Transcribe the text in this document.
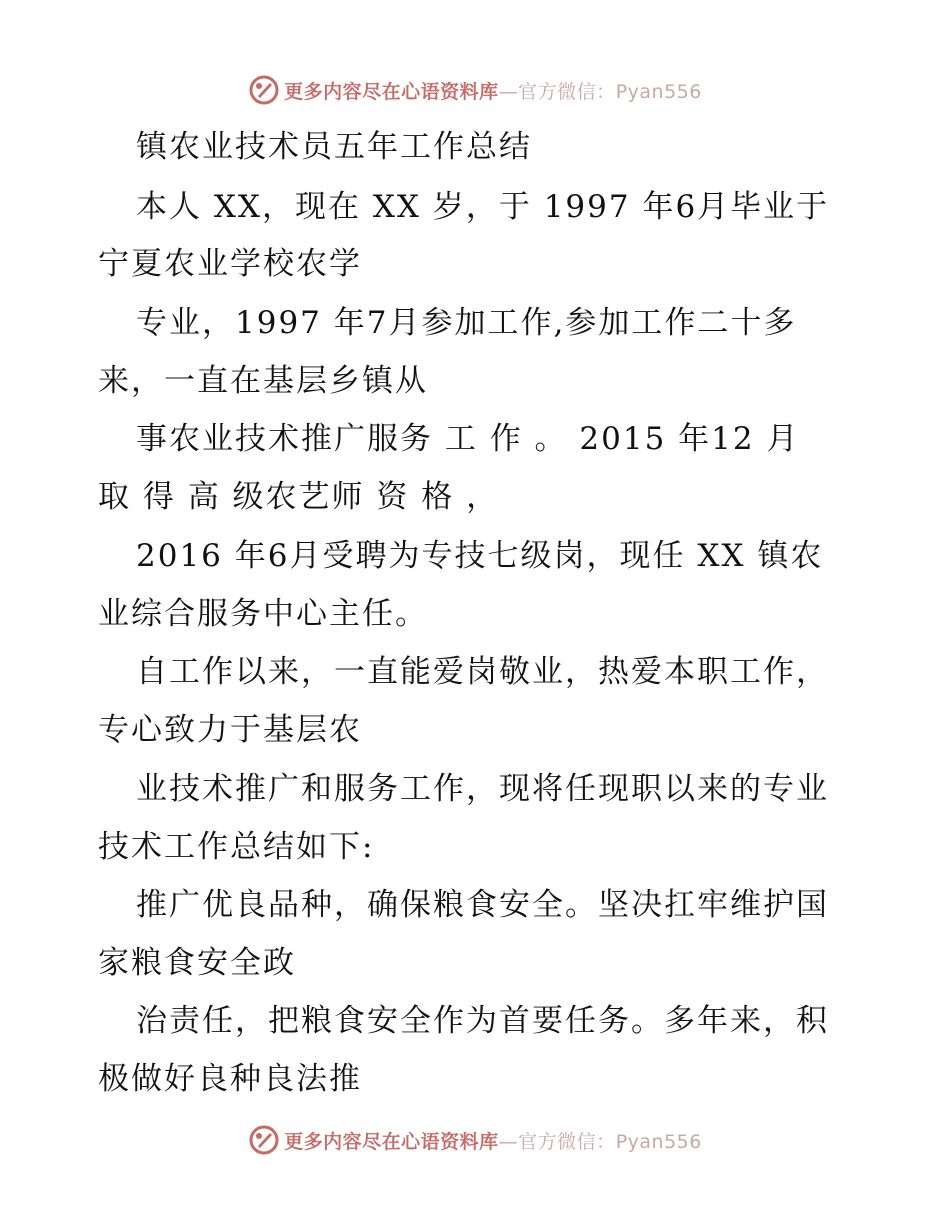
更多内容尽在心语资料库—官方微信：Pyan556
镇农业技术员五年工作总结
本人 XX，现在 XX 岁，于 1997 年6月毕业于
宁夏农业学校农学
专业，1997 年7月参加工作,参加工作二十多
来，一直在基层乡镇从
事农业技术推广服务 工 作 。 2015 年12 月
取 得 高 级农艺师 资 格 ，
2016 年6月受聘为专技七级岗，现任 XX 镇农
业综合服务中心主任。
自工作以来，一直能爱岗敬业，热爱本职工作，
专心致力于基层农
业技术推广和服务工作，现将任现职以来的专业
技术工作总结如下:
推广优良品种，确保粮食安全。坚决扛牢维护国
家粮食安全政
治责任，把粮食安全作为首要任务。多年来，积
极做好良种良法推
更多内容尽在心语资料库—官方微信：Pyan556
